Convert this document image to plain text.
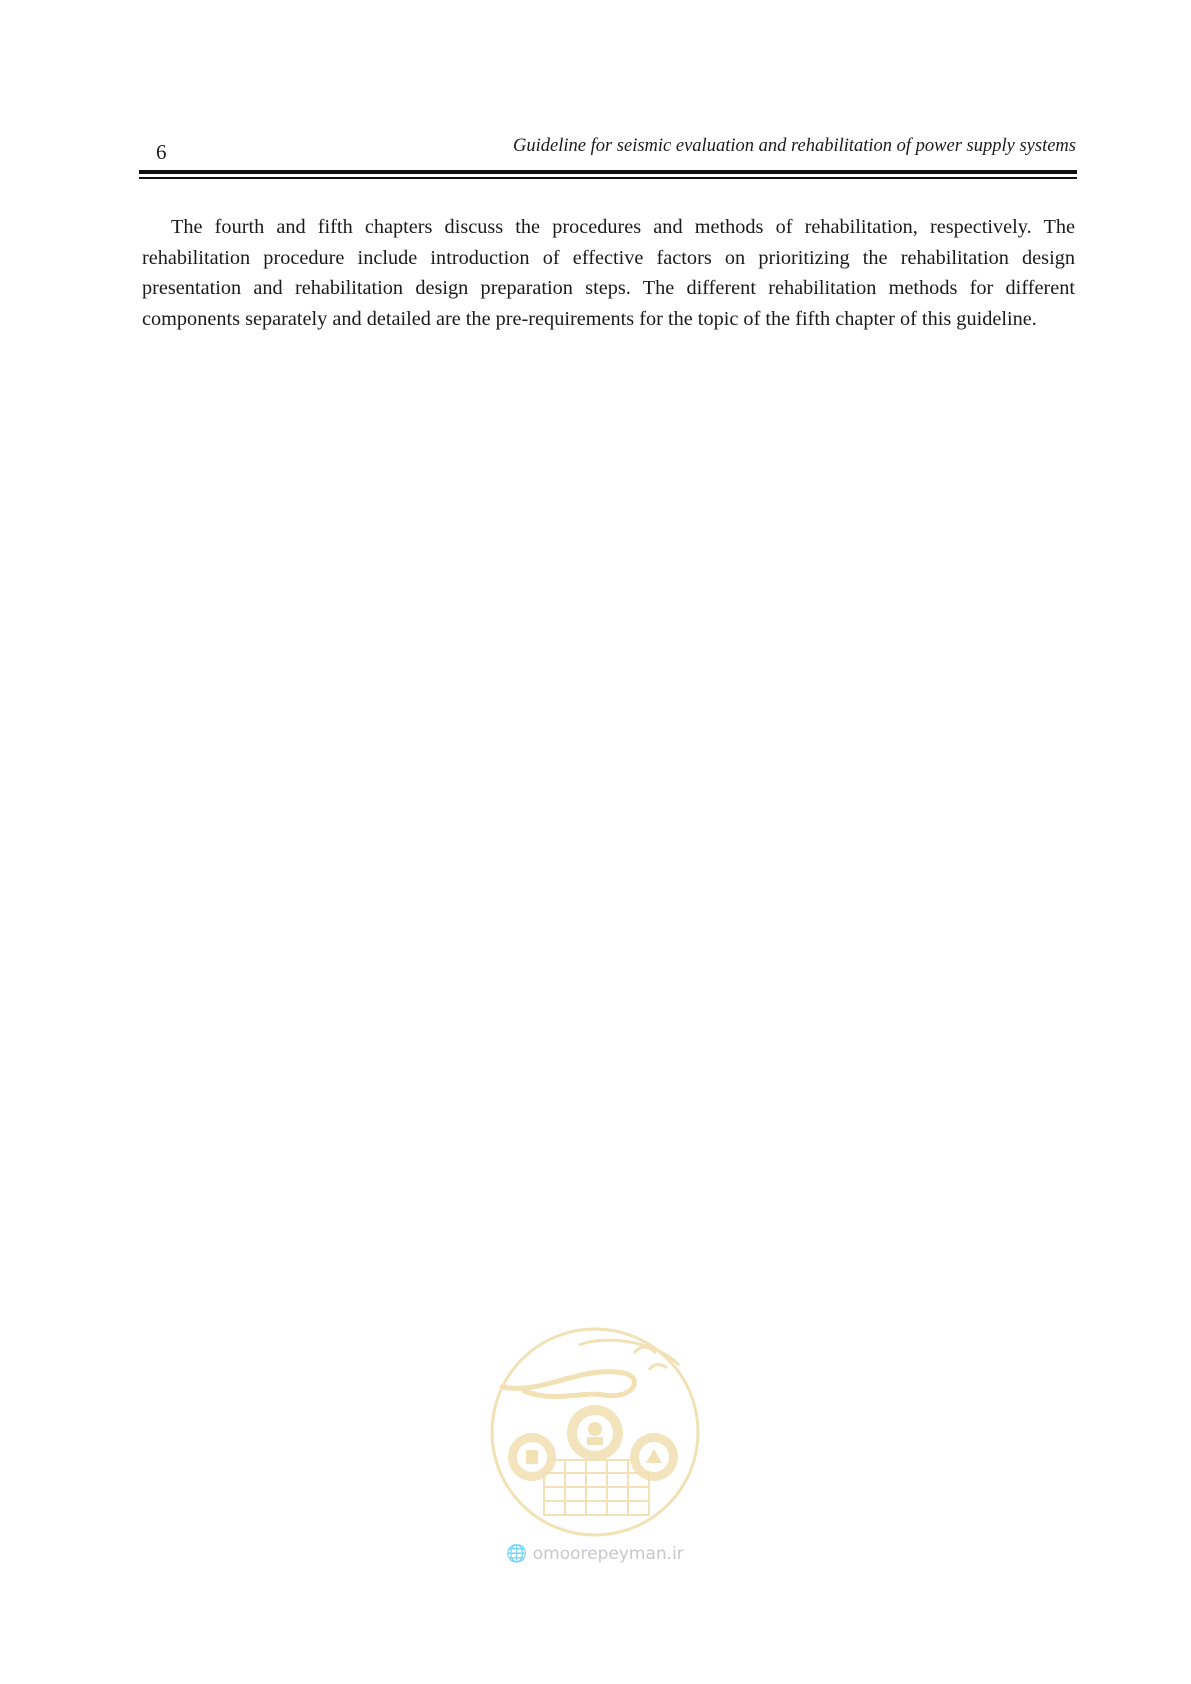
6	Guideline for seismic evaluation and rehabilitation of power supply systems

The fourth and fifth chapters discuss the procedures and methods of rehabilitation, respectively. The rehabilitation procedure include introduction of effective factors on prioritizing the rehabilitation design presentation and rehabilitation design preparation steps. The different rehabilitation methods for different components separately and detailed are the pre-requirements for the topic of the fifth chapter of this guideline.

🌐 omoorepeyman.ir
